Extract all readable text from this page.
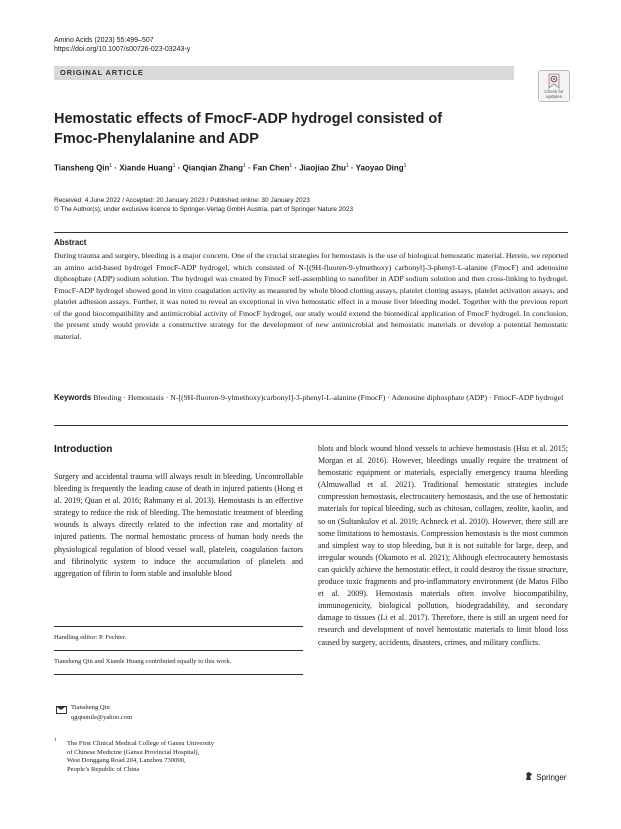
Amino Acids (2023) 55:499–507
https://doi.org/10.1007/s00726-023-03243-y
ORIGINAL ARTICLE
Check for updates
Hemostatic effects of FmocF-ADP hydrogel consisted of Fmoc-Phenylalanine and ADP
Tiansheng Qin$^1$ · Xiande Huang$^1$ · Qianqian Zhang$^1$ · Fan Chen$^1$ · Jiaojiao Zhu$^1$ · Yaoyao Ding$^1$
Received: 4 June 2022 / Accepted: 20 January 2023 / Published online: 30 January 2023
© The Author(s), under exclusive licence to Springer-Verlag GmbH Austria, part of Springer Nature 2023
Abstract

During trauma and surgery, bleeding is a major concern. One of the crucial strategies for hemostasis is the use of biological hemostatic material. Herein, we reported an amino acid-based hydrogel FmocF-ADP hydrogel, which consisted of N-[(9H-fluoren-9-ylmethoxy) carbonyl]-3-phenyl-L-alanine (FmocF) and adenosine diphosphate (ADP) sodium solution. The hydrogel was created by FmocF self-assembling to nanofiber in ADP sodium solution and then cross-linking to hydrogel. FmocF-ADP hydrogel showed good in vitro coagulation activity as measured by whole blood clotting assays, platelet clotting assays, platelet activation assays, and platelet adhesion assays. Further, it was noted to reveal an exceptional in vivo hemostatic effect in a mouse liver bleeding model. Together with the previous report of the good biocompatibility and antimicrobial activity of FmocF hydrogel, our study would extend the biomedical application of FmocF hydrogel. In conclusion, the present study would provide a constructive strategy for the development of new antimicrobial and hemostatic materials or develop a potential hemostatic material.

Keywords Bleeding · Hemostasis · N-[(9H-fluoren-9-ylmethoxy)carbonyl]-3-phenyl-L-alanine (FmocF) · Adenosine diphosphate (ADP) · FmocF-ADP hydrogel
Introduction

Surgery and accidental trauma will always result in bleeding. Uncontrollable bleeding is frequently the leading cause of death in injured patients (Hong et al. 2019; Quan et al. 2016; Rahmany et al. 2013). Hemostasis is an effective strategy to reduce the risk of bleeding. The hemostatic treatment of bleeding wounds is always directly related to the infection rate and mortality of injured patients. The normal hemostatic process of human body needs the physiological regulation of blood vessel wall, platelets, coagulation factors and fibrinolytic system to induce the accumulation of platelets and aggregation of fibrin to form stable and insoluble blood

blots and block wound blood vessels to achieve hemostasis (Hsu et al. 2015; Morgan et al. 2016). However, bleedings usually require the treatment of hemostatic equipment or materials, especially emergency trauma bleeding (Almuwallad et al. 2021). Traditional hemostatic strategies include compression hemostasis, electrocautery hemostasis, and the use of hemostatic materials for topical bleeding, such as chitosan, collagen, zeolite, kaolin, and so on (Sultankulov et al. 2019; Achneck et al. 2010). However, there still are some limitations to hemostasis. Compression hemostasis is the most common and simplest way to stop bleeding, but it is not suitable for large, deep, and irregular wounds (Okamoto et al. 2021); Although electrocautery hemostasis can quickly achieve the hemostatic effect, it could destroy the tissue structure, produce toxic fragments and pro-inflammatory environment (de Matos Filho et al. 2009). Hemostasis materials often involve biocompatibility, immunogenicity, biological pollution, biodegradability, and secondary damage to tissues (Li et al. 2017). Therefore, there is still an urgent need for research and development of novel hemostatic materials to limit blood loss caused by surgery, accidents, disasters, crimes, and military conflicts.

Handling editor: P. Fechter.
Tiansheng Qin and Xiande Huang contributed equally to this work.
Tiansheng Qin
qgqtsmile@yahoo.com
1 The First Clinical Medical College of Gansu University
of Chinese Medicine (Gansu Provincial Hospital),
West Donggang Road 204, Lanzhou 730000,
People’s Republic of China
Springer
